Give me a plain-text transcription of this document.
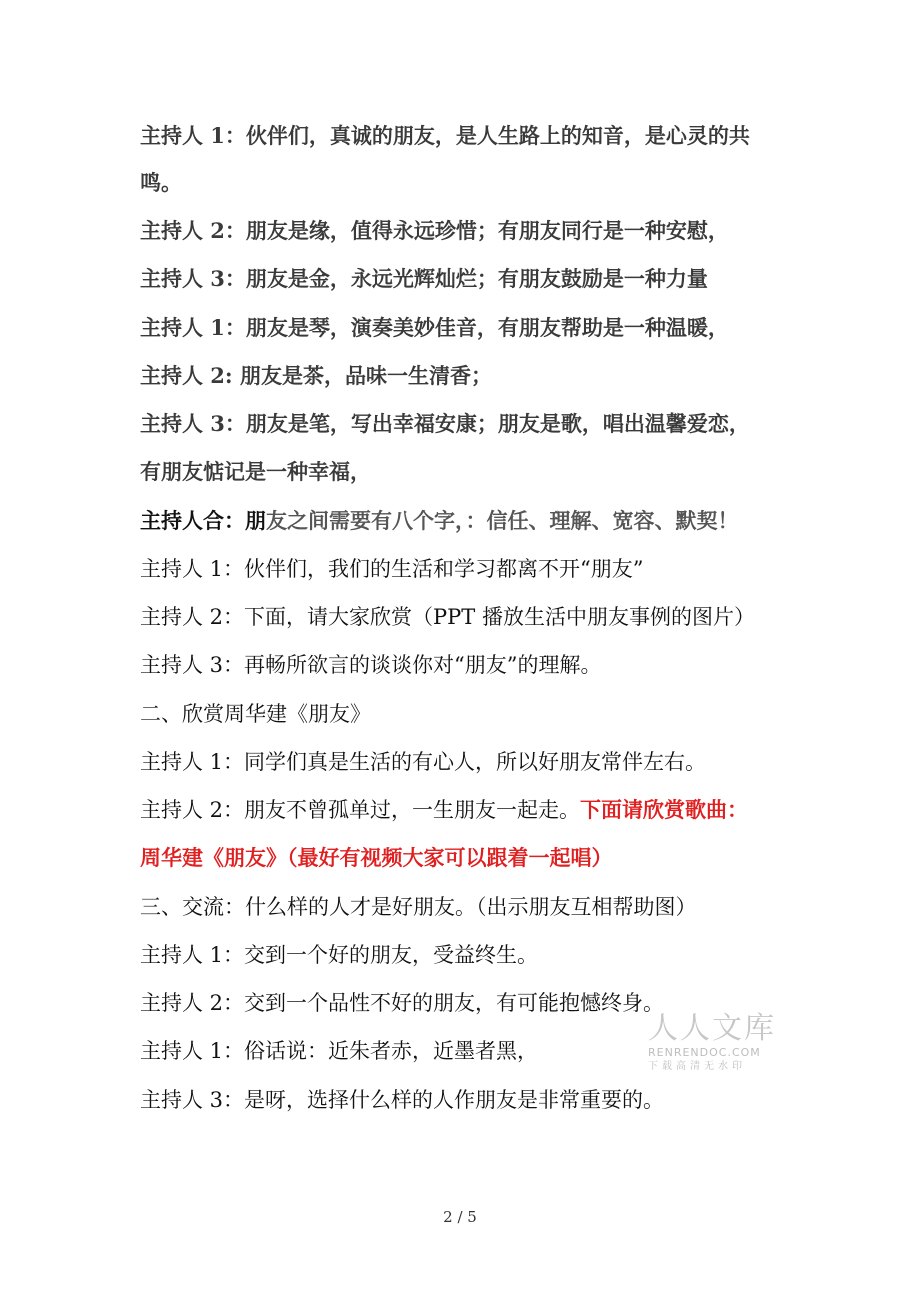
主持人 1：伙伴们，真诚的朋友，是人生路上的知音，是心灵的共
鸣。
主持人 2：朋友是缘，值得永远珍惜；有朋友同行是一种安慰，
主持人 3：朋友是金，永远光辉灿烂；有朋友鼓励是一种力量
主持人 1：朋友是琴，演奏美妙佳音，有朋友帮助是一种温暖，
主持人 2: 朋友是茶，品味一生清香；
主持人 3：朋友是笔，写出幸福安康；朋友是歌，唱出温馨爱恋，
有朋友惦记是一种幸福，
主持人合：朋友之间需要有八个字，：信任、理解、宽容、默契！
主持人 1：伙伴们，我们的生活和学习都离不开“朋友”
主持人 2：下面，请大家欣赏（PPT 播放生活中朋友事例的图片）
主持人 3：再畅所欲言的谈谈你对“朋友”的理解。
二、欣赏周华建《朋友》
主持人 1：同学们真是生活的有心人，所以好朋友常伴左右。
主持人 2：朋友不曾孤单过，一生朋友一起走。下面请欣赏歌曲：
周华建《朋友》（最好有视频大家可以跟着一起唱）
三、交流：什么样的人才是好朋友。（出示朋友互相帮助图）
主持人 1：交到一个好的朋友，受益终生。
主持人 2：交到一个品性不好的朋友，有可能抱憾终身。
主持人 1：俗话说：近朱者赤，近墨者黑，
主持人 3：是呀，选择什么样的人作朋友是非常重要的。
人人文库
RENRENDOC.COM
下载高清无水印
2 / 5
